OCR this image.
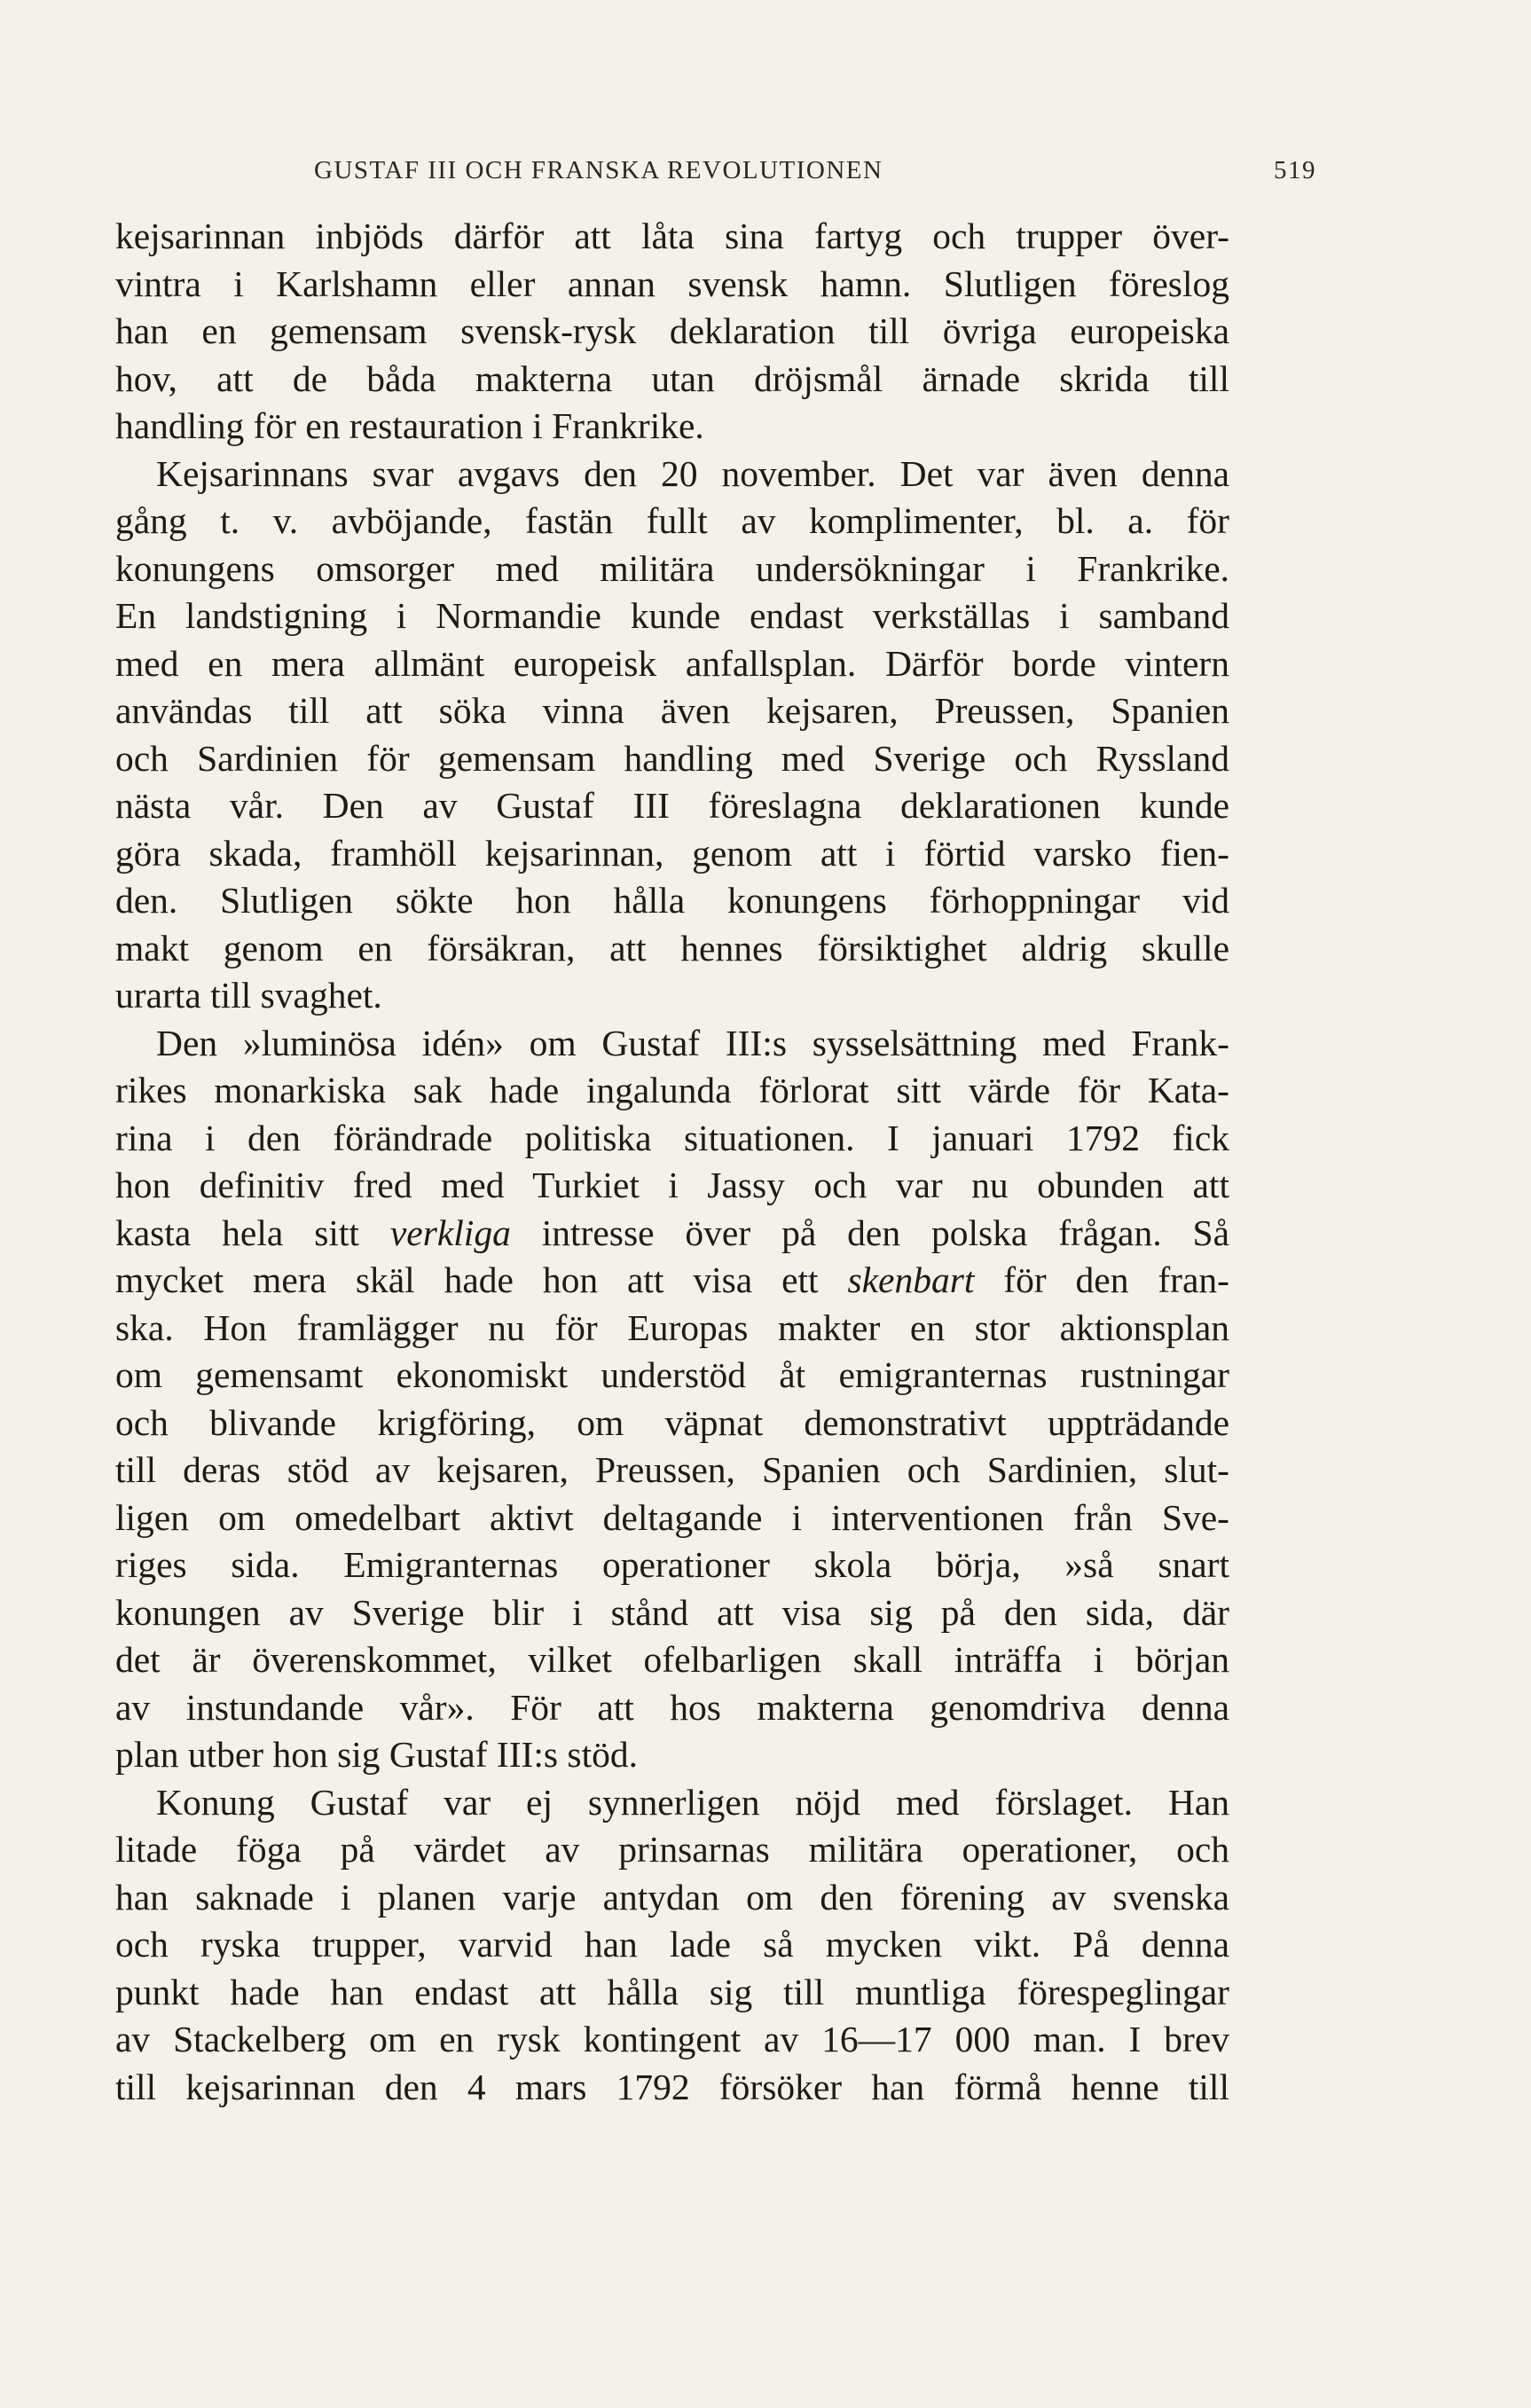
GUSTAF III OCH FRANSKA REVOLUTIONEN	519
kejsarinnan inbjöds därför att låta sina fartyg och trupper över-
vintra i Karlshamn eller annan svensk hamn. Slutligen föreslog
han en gemensam svensk-rysk deklaration till övriga europeiska
hov, att de båda makterna utan dröjsmål ärnade skrida till
handling för en restauration i Frankrike.
Kejsarinnans svar avgavs den 20 november. Det var även denna
gång t. v. avböjande, fastän fullt av komplimenter, bl. a. för
konungens omsorger med militära undersökningar i Frankrike.
En landstigning i Normandie kunde endast verkställas i samband
med en mera allmänt europeisk anfallsplan. Därför borde vintern
användas till att söka vinna även kejsaren, Preussen, Spanien
och Sardinien för gemensam handling med Sverige och Ryssland
nästa vår. Den av Gustaf III föreslagna deklarationen kunde
göra skada, framhöll kejsarinnan, genom att i förtid varsko fien-
den. Slutligen sökte hon hålla konungens förhoppningar vid
makt genom en försäkran, att hennes försiktighet aldrig skulle
urarta till svaghet.
Den »luminösa idén» om Gustaf III:s sysselsättning med Frank-
rikes monarkiska sak hade ingalunda förlorat sitt värde för Kata-
rina i den förändrade politiska situationen. I januari 1792 fick
hon definitiv fred med Turkiet i Jassy och var nu obunden att
kasta hela sitt verkliga intresse över på den polska frågan. Så
mycket mera skäl hade hon att visa ett skenbart för den fran-
ska. Hon framlägger nu för Europas makter en stor aktionsplan
om gemensamt ekonomiskt understöd åt emigranternas rustningar
och blivande krigföring, om väpnat demonstrativt uppträdande
till deras stöd av kejsaren, Preussen, Spanien och Sardinien, slut-
ligen om omedelbart aktivt deltagande i interventionen från Sve-
riges sida. Emigranternas operationer skola börja, »så snart
konungen av Sverige blir i stånd att visa sig på den sida, där
det är överenskommet, vilket ofelbarligen skall inträffa i början
av instundande vår». För att hos makterna genomdriva denna
plan utber hon sig Gustaf III:s stöd.
Konung Gustaf var ej synnerligen nöjd med förslaget. Han
litade föga på värdet av prinsarnas militära operationer, och
han saknade i planen varje antydan om den förening av svenska
och ryska trupper, varvid han lade så mycken vikt. På denna
punkt hade han endast att hålla sig till muntliga förespeglingar
av Stackelberg om en rysk kontingent av 16—17 000 man. I brev
till kejsarinnan den 4 mars 1792 försöker han förmå henne till
